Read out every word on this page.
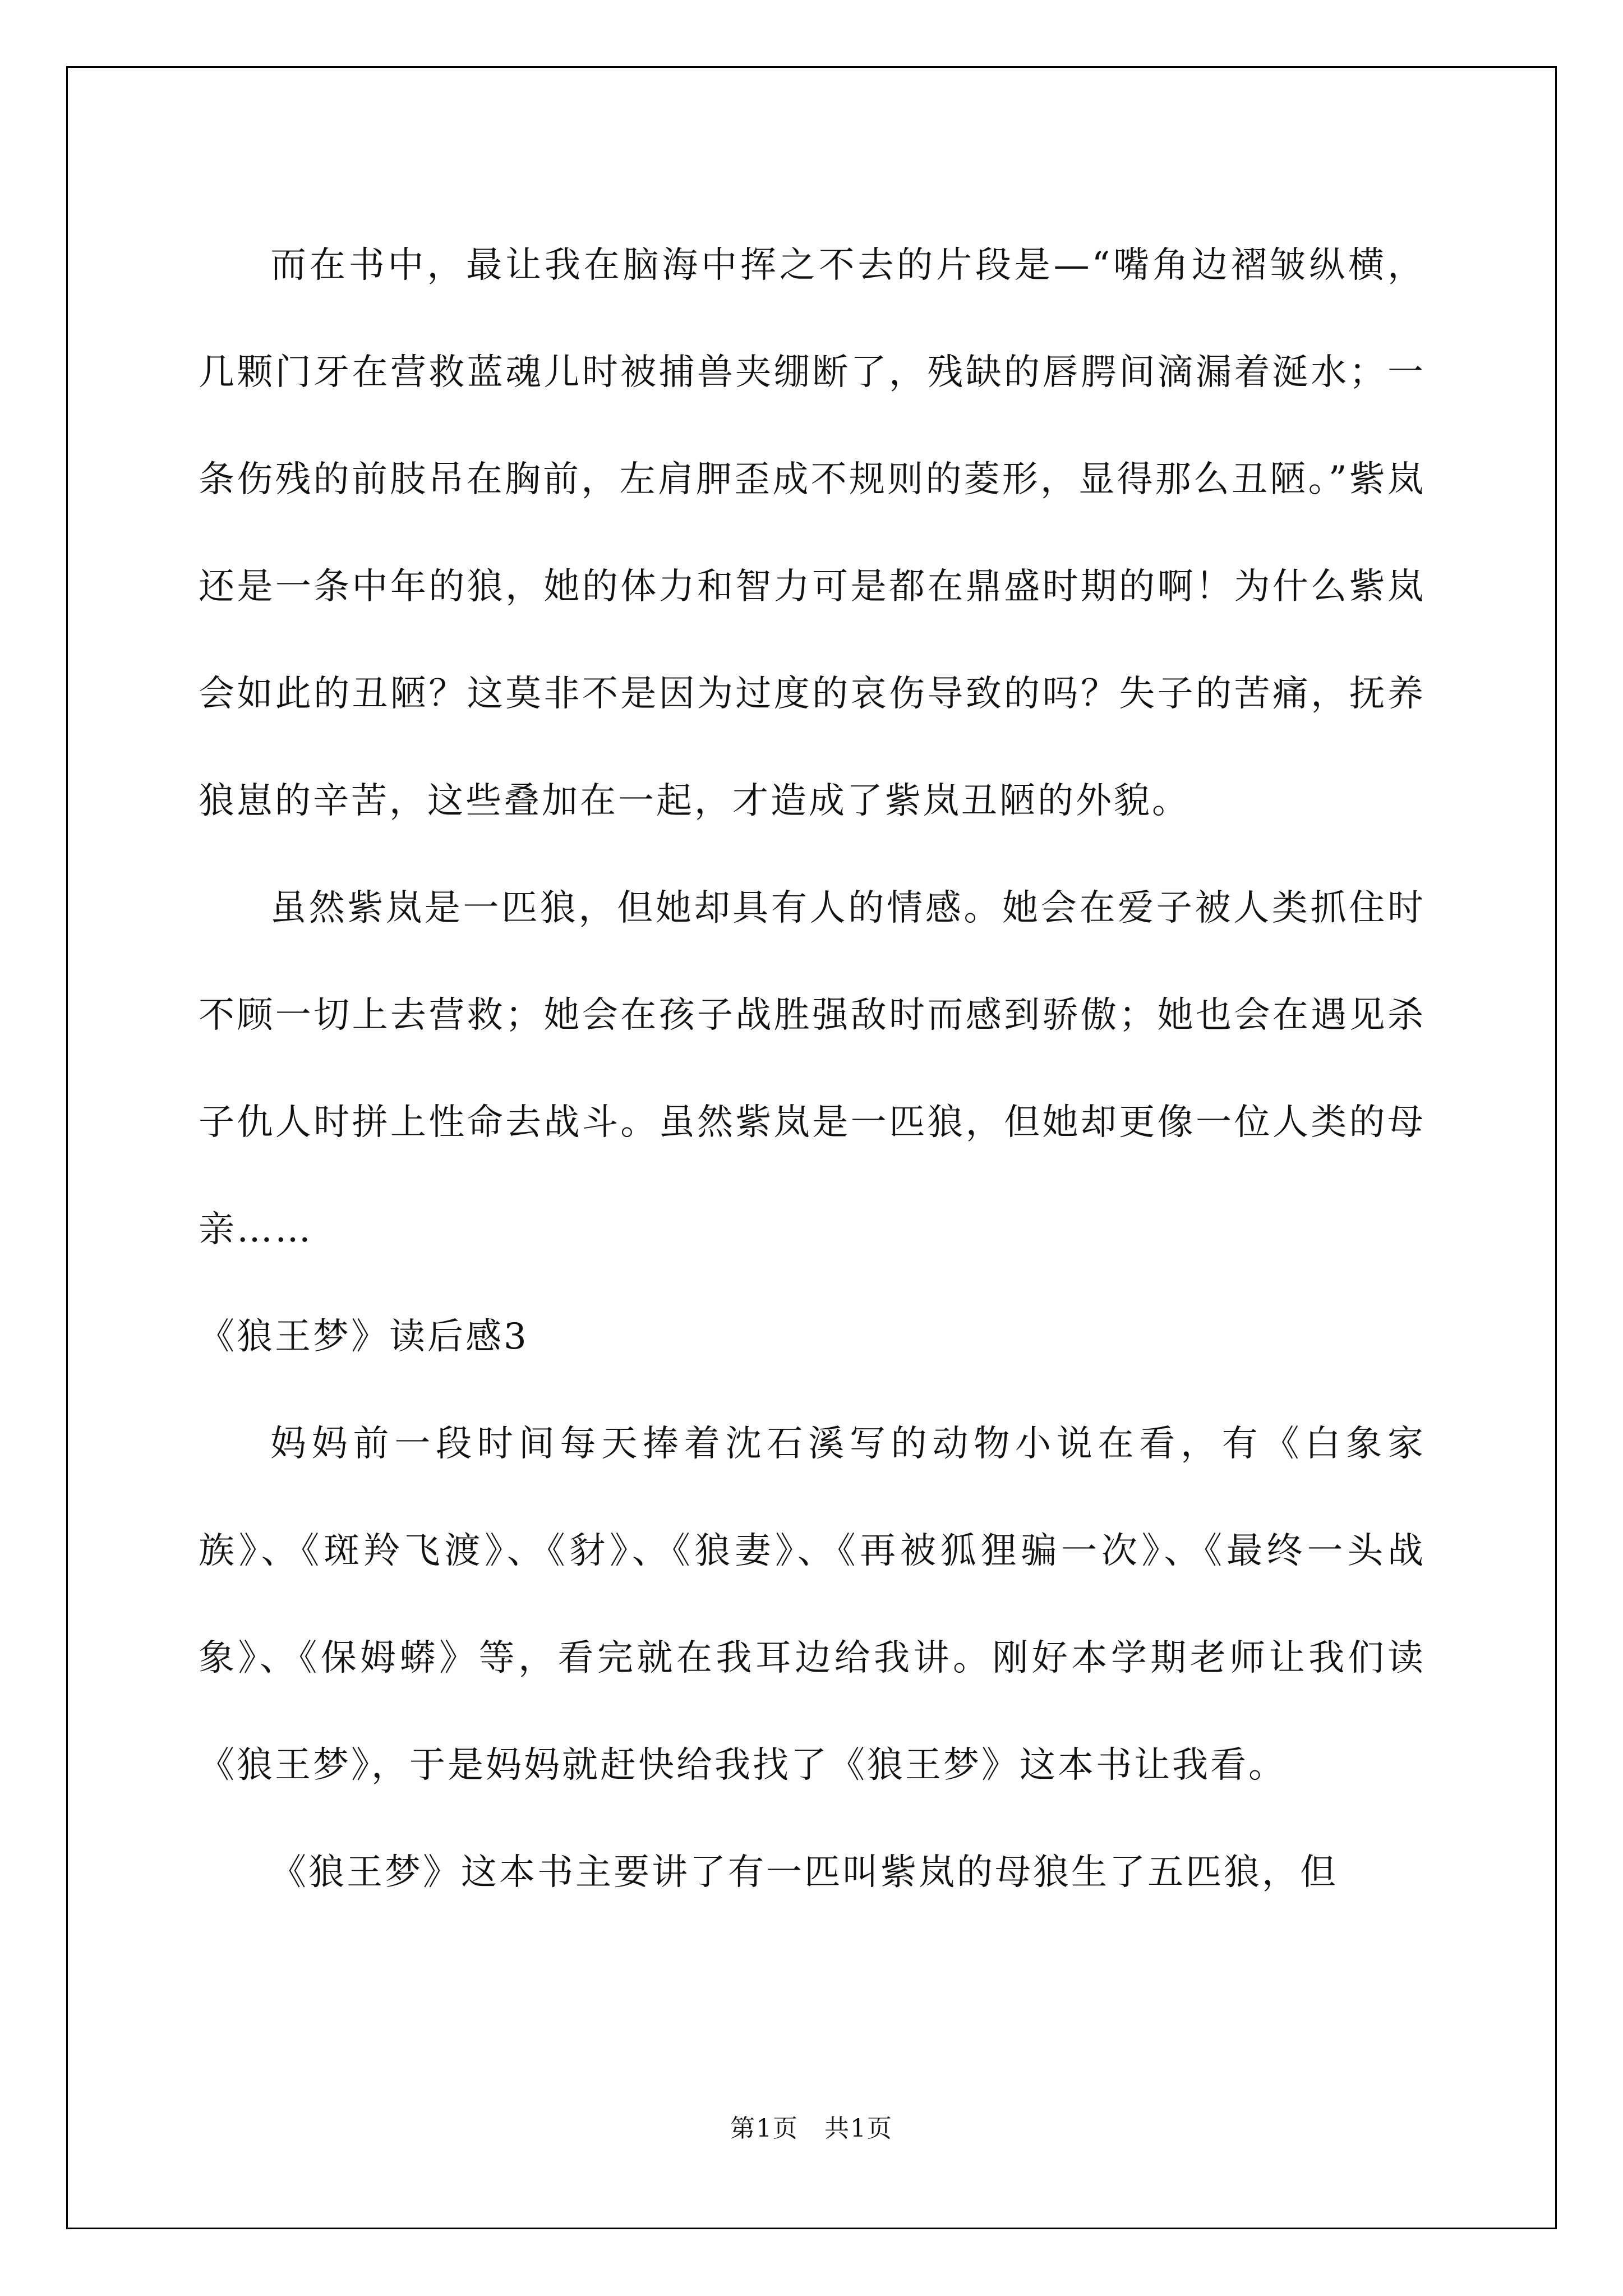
而在书中，最让我在脑海中挥之不去的片段是—“嘴角边褶皱纵横，几颗门牙在营救蓝魂儿时被捕兽夹绷断了，残缺的唇腭间滴漏着涎水；一条伤残的前肢吊在胸前，左肩胛歪成不规则的菱形，显得那么丑陋。”紫岚还是一条中年的狼，她的体力和智力可是都在鼎盛时期的啊！为什么紫岚会如此的丑陋？这莫非不是因为过度的哀伤导致的吗？失子的苦痛，抚养狼崽的辛苦，这些叠加在一起，才造成了紫岚丑陋的外貌。

虽然紫岚是一匹狼，但她却具有人的情感。她会在爱子被人类抓住时不顾一切上去营救；她会在孩子战胜强敌时而感到骄傲；她也会在遇见杀子仇人时拼上性命去战斗。虽然紫岚是一匹狼，但她却更像一位人类的母亲……

《狼王梦》读后感3

妈妈前一段时间每天捧着沈石溪写的动物小说在看，有《白象家族》、《斑羚飞渡》、《豺》、《狼妻》、《再被狐狸骗一次》、《最终一头战象》、《保姆蟒》等，看完就在我耳边给我讲。刚好本学期老师让我们读《狼王梦》，于是妈妈就赶快给我找了《狼王梦》这本书让我看。

《狼王梦》这本书主要讲了有一匹叫紫岚的母狼生了五匹狼，但

第1页　共1页
